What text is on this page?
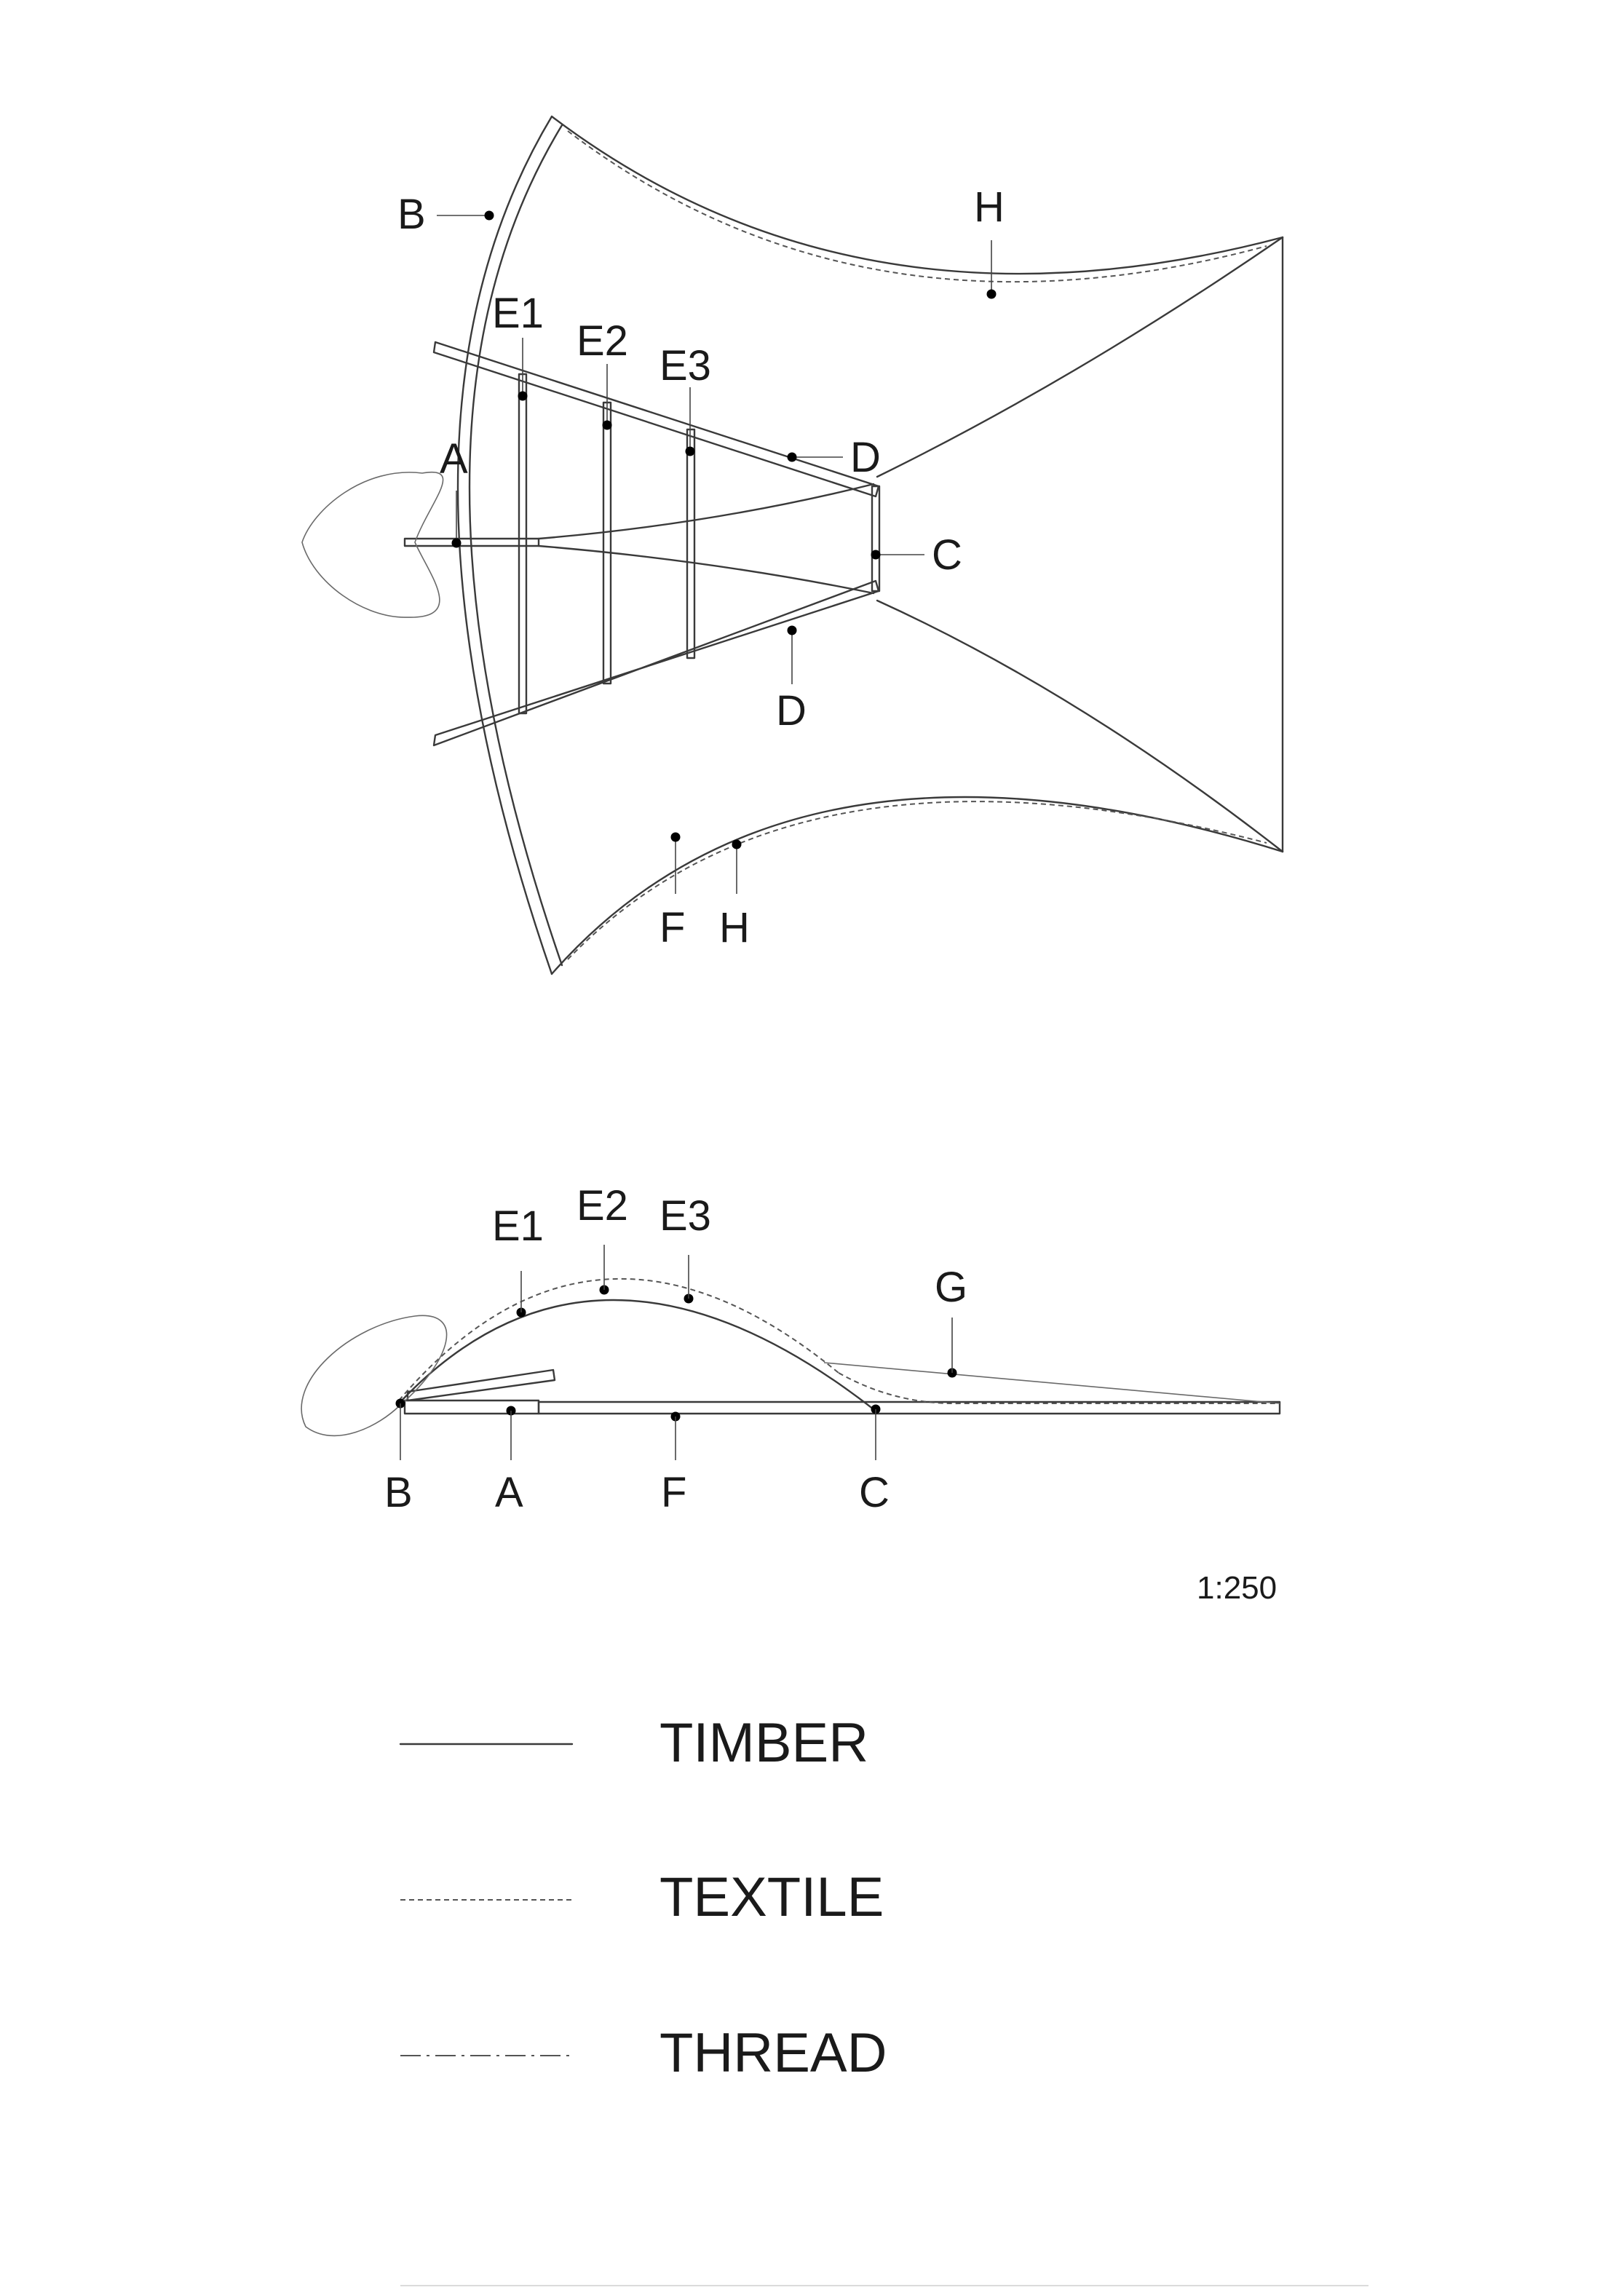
B	H
E1
E2
E3
A	D
C
D
F H
E1 E2 E3
G
B A	F	C
1:250
TIMBER
TEXTILE
THREAD
